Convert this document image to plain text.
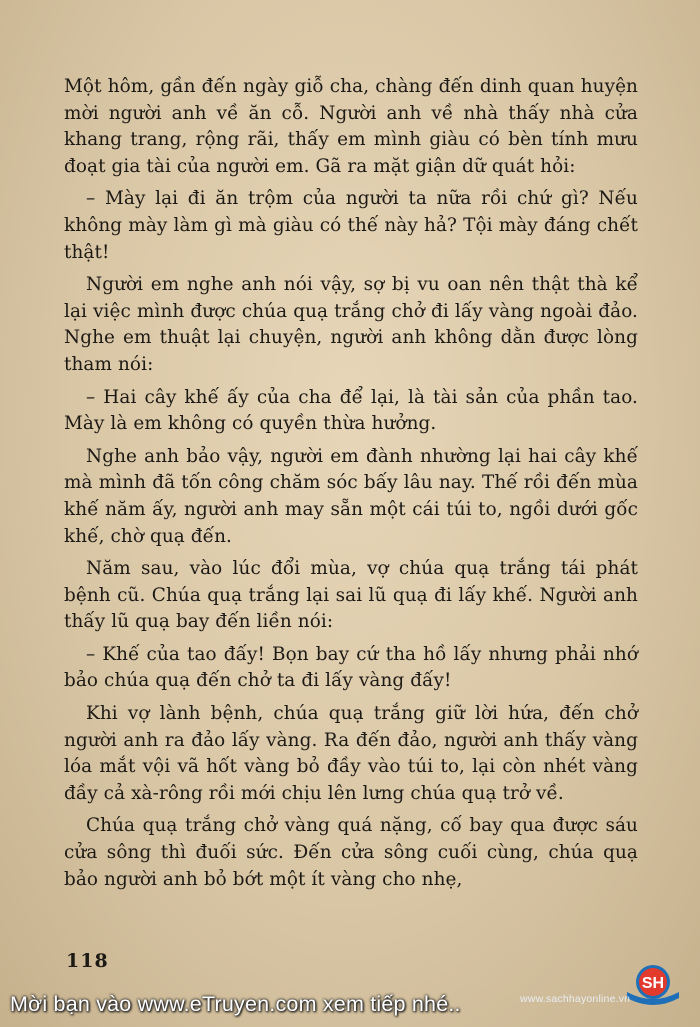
Một hôm, gần đến ngày giỗ cha, chàng đến dinh quan huyện mời người anh về ăn cỗ. Người anh về nhà thấy nhà cửa khang trang, rộng rãi, thấy em mình giàu có bèn tính mưu đoạt gia tài của người em. Gã ra mặt giận dữ quát hỏi:

– Mày lại đi ăn trộm của người ta nữa rồi chứ gì? Nếu không mày làm gì mà giàu có thế này hả? Tội mày đáng chết thật!

Người em nghe anh nói vậy, sợ bị vu oan nên thật thà kể lại việc mình được chúa quạ trắng chở đi lấy vàng ngoài đảo. Nghe em thuật lại chuyện, người anh không dằn được lòng tham nói:

– Hai cây khế ấy của cha để lại, là tài sản của phần tao. Mày là em không có quyền thừa hưởng.

Nghe anh bảo vậy, người em đành nhường lại hai cây khế mà mình đã tốn công chăm sóc bấy lâu nay. Thế rồi đến mùa khế năm ấy, người anh may sẵn một cái túi to, ngồi dưới gốc khế, chờ quạ đến.

Năm sau, vào lúc đổi mùa, vợ chúa quạ trắng tái phát bệnh cũ. Chúa quạ trắng lại sai lũ quạ đi lấy khế. Người anh thấy lũ quạ bay đến liền nói:

– Khế của tao đấy! Bọn bay cứ tha hồ lấy nhưng phải nhớ bảo chúa quạ đến chở ta đi lấy vàng đấy!

Khi vợ lành bệnh, chúa quạ trắng giữ lời hứa, đến chở người anh ra đảo lấy vàng. Ra đến đảo, người anh thấy vàng lóa mắt vội vã hốt vàng bỏ đầy vào túi to, lại còn nhét vàng đầy cả xà-rông rồi mới chịu lên lưng chúa quạ trở về.

Chúa quạ trắng chở vàng quá nặng, cố bay qua được sáu cửa sông thì đuối sức. Đến cửa sông cuối cùng, chúa quạ bảo người anh bỏ bớt một ít vàng cho nhẹ,

118
SH
www.sachhayonline.vn
Mời bạn vào www.eTruyen.com xem tiếp nhé..
